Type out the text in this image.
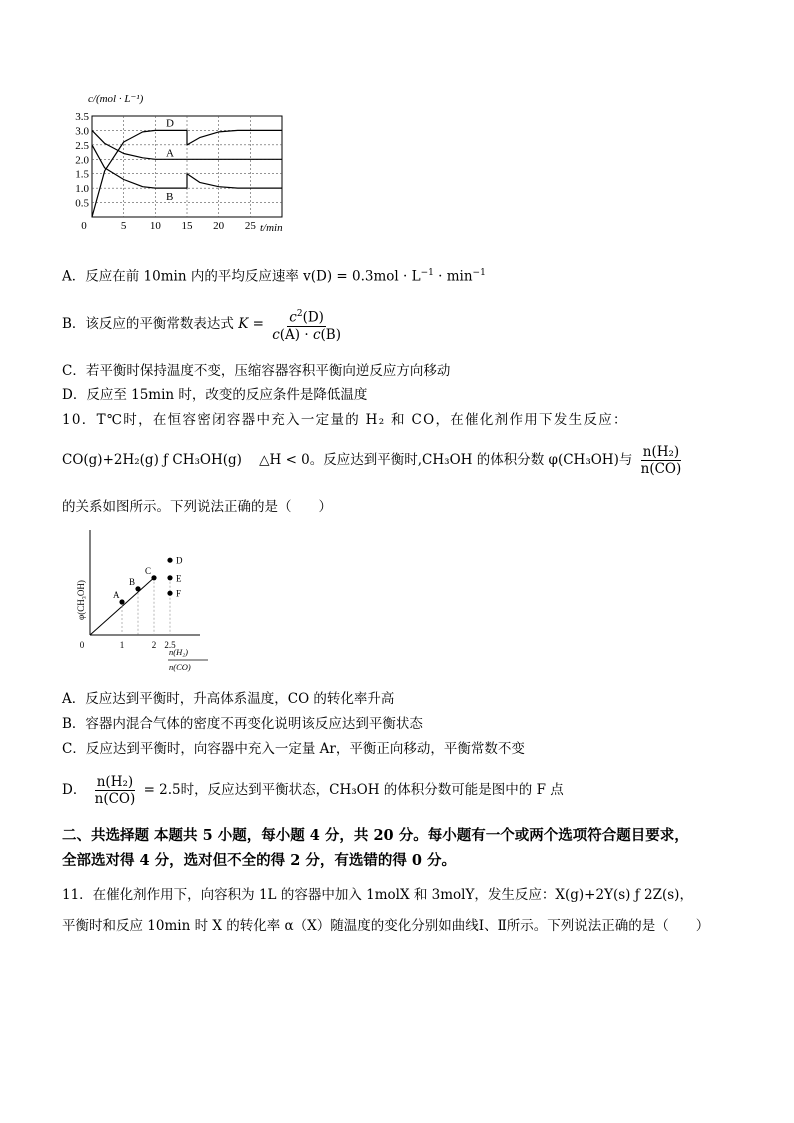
c/(mol · L⁻¹)
3.5
3.0
2.5
2.0
1.5
1.0
0.5
0	5 10 15 20 25
D
A
B
t/min
A．反应在前 10min 内的平均反应速率 $v(D) = 0.3mol \cdot L^{-1} \cdot \min^{-1}$
B．该反应的平衡常数表达式 $K = \frac{c^2(D)}{c(A) \cdot c(B)}$
C．若平衡时保持温度不变，压缩容器容积平衡向逆反应方向移动
D．反应至 15min 时，改变的反应条件是降低温度
10．T℃时，在恒容密闭容器中充入一定量的 H₂ 和 CO，在催化剂作用下发生反应：
CO(g)+2H₂(g) ƒ CH₃OH(g) △H < 0。反应达到平衡时,CH₃OH 的体积分数 φ(CH₃OH)与 $\frac{\text{n(H₂)}}{n(CO)}$
的关系如图所示。下列说法正确的是（　　）
φ(CH₃OH)
0	1	2 2.5
A
B
C
D
E
F
n(H₂)
n(CO)
A．反应达到平衡时，升高体系温度，CO 的转化率升高
B．容器内混合气体的密度不再变化说明该反应达到平衡状态
C．反应达到平衡时，向容器中充入一定量 Ar，平衡正向移动，平衡常数不变
D． $\frac{\text{n(H₂)}}{n(CO)} = 2.5$时，反应达到平衡状态，CH₃OH 的体积分数可能是图中的 F 点
二、共选择题 本题共 5 小题，每小题 4 分，共 20 分。每小题有一个或两个选项符合题目要求，
全部选对得 4 分，选对但不全的得 2 分，有选错的得 0 分。
11．在催化剂作用下，向容积为 1L 的容器中加入 1molX 和 3molY，发生反应：X(g)+2Y(s) ƒ 2Z(s)，
平衡时和反应 10min 时 X 的转化率 α（X）随温度的变化分别如曲线Ⅰ、Ⅱ所示。下列说法正确的是（　　）
